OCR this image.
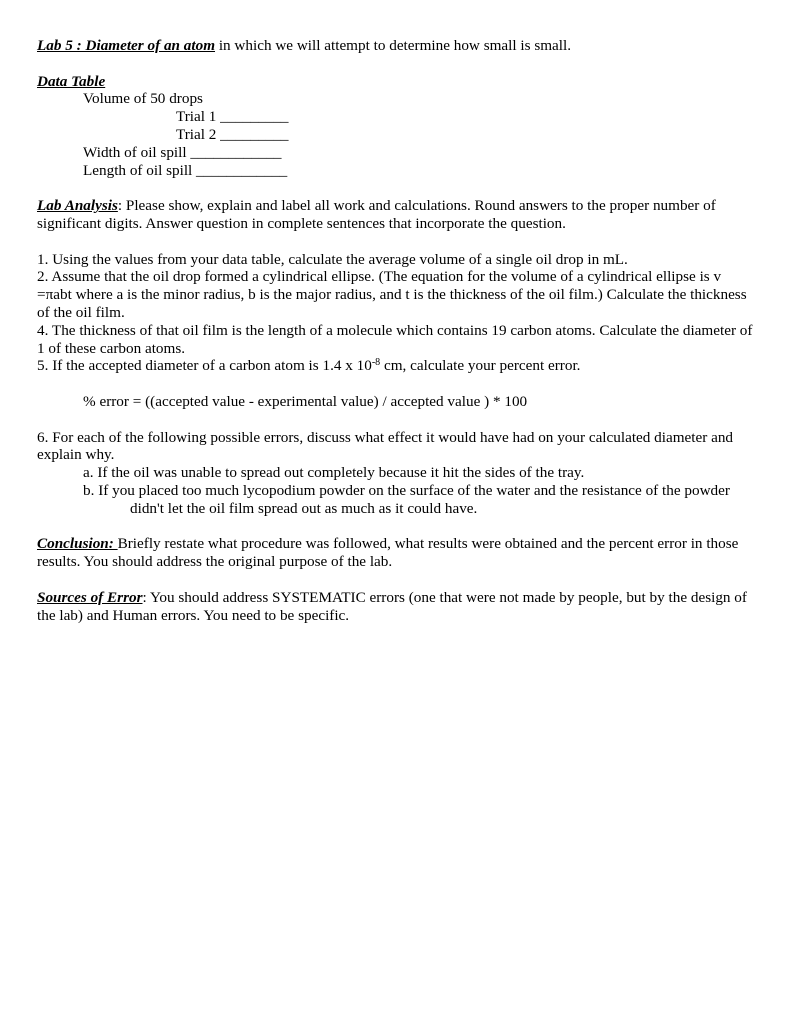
Lab 5 : Diameter of an atom in which we will attempt to determine how small is small.

Data Table

Volume of 50 drops

Trial 1 _________

Trial 2 _________

Width of oil spill ____________

Length of oil spill ____________

Lab Analysis: Please show, explain and label all work and calculations. Round answers to the proper number of significant digits. Answer question in complete sentences that incorporate the question.

1. Using the values from your data table, calculate the average volume of a single oil drop in mL.

2. Assume that the oil drop formed a cylindrical ellipse. (The equation for the volume of a cylindrical ellipse is v =πabt where a is the minor radius, b is the major radius, and t is the thickness of the oil film.) Calculate the thickness of the oil film.

4. The thickness of that oil film is the length of a molecule which contains 19 carbon atoms. Calculate the diameter of 1 of these carbon atoms.

5. If the accepted diameter of a carbon atom is 1.4 x $10^{-8}$ cm, calculate your percent error.

% error = ((accepted value - experimental value) / accepted value ) * 100

6. For each of the following possible errors, discuss what effect it would have had on your calculated diameter and explain why.

a. If the oil was unable to spread out completely because it hit the sides of the tray.

b. If you placed too much lycopodium powder on the surface of the water and the resistance of the powder

didn't let the oil film spread out as much as it could have.

Conclusion: Briefly restate what procedure was followed, what results were obtained and the percent error in those results. You should address the original purpose of the lab.

Sources of Error: You should address SYSTEMATIC errors (one that were not made by people, but by the design of the lab) and Human errors. You need to be specific.
